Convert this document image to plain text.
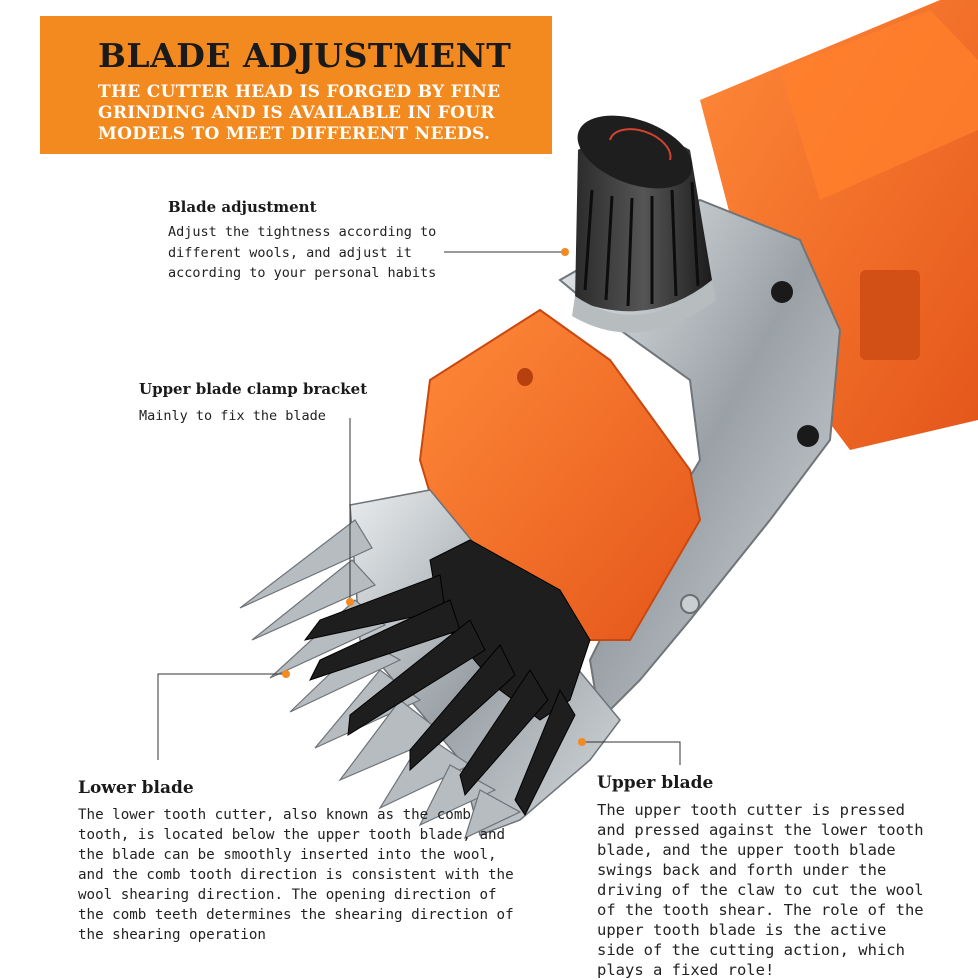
BLADE ADJUSTMENT

THE CUTTER HEAD IS FORGED BY FINE GRINDING AND IS AVAILABLE IN FOUR MODELS TO MEET DIFFERENT NEEDS.

Blade adjustment

Adjust the tightness according to different wools, and adjust it according to your personal habits

Upper blade clamp bracket

Mainly to fix the blade

Lower blade

The lower tooth cutter, also known as the comb tooth, is located below the upper tooth blade, and the blade can be smoothly inserted into the wool, and the comb tooth direction is consistent with the wool shearing direction. The opening direction of the comb teeth determines the shearing direction of the shearing operation

Upper blade

The upper tooth cutter is pressed and pressed against the lower tooth blade, and the upper tooth blade swings back and forth under the driving of the claw to cut the wool of the tooth shear. The role of the upper tooth blade is the active side of the cutting action, which plays a fixed role!
